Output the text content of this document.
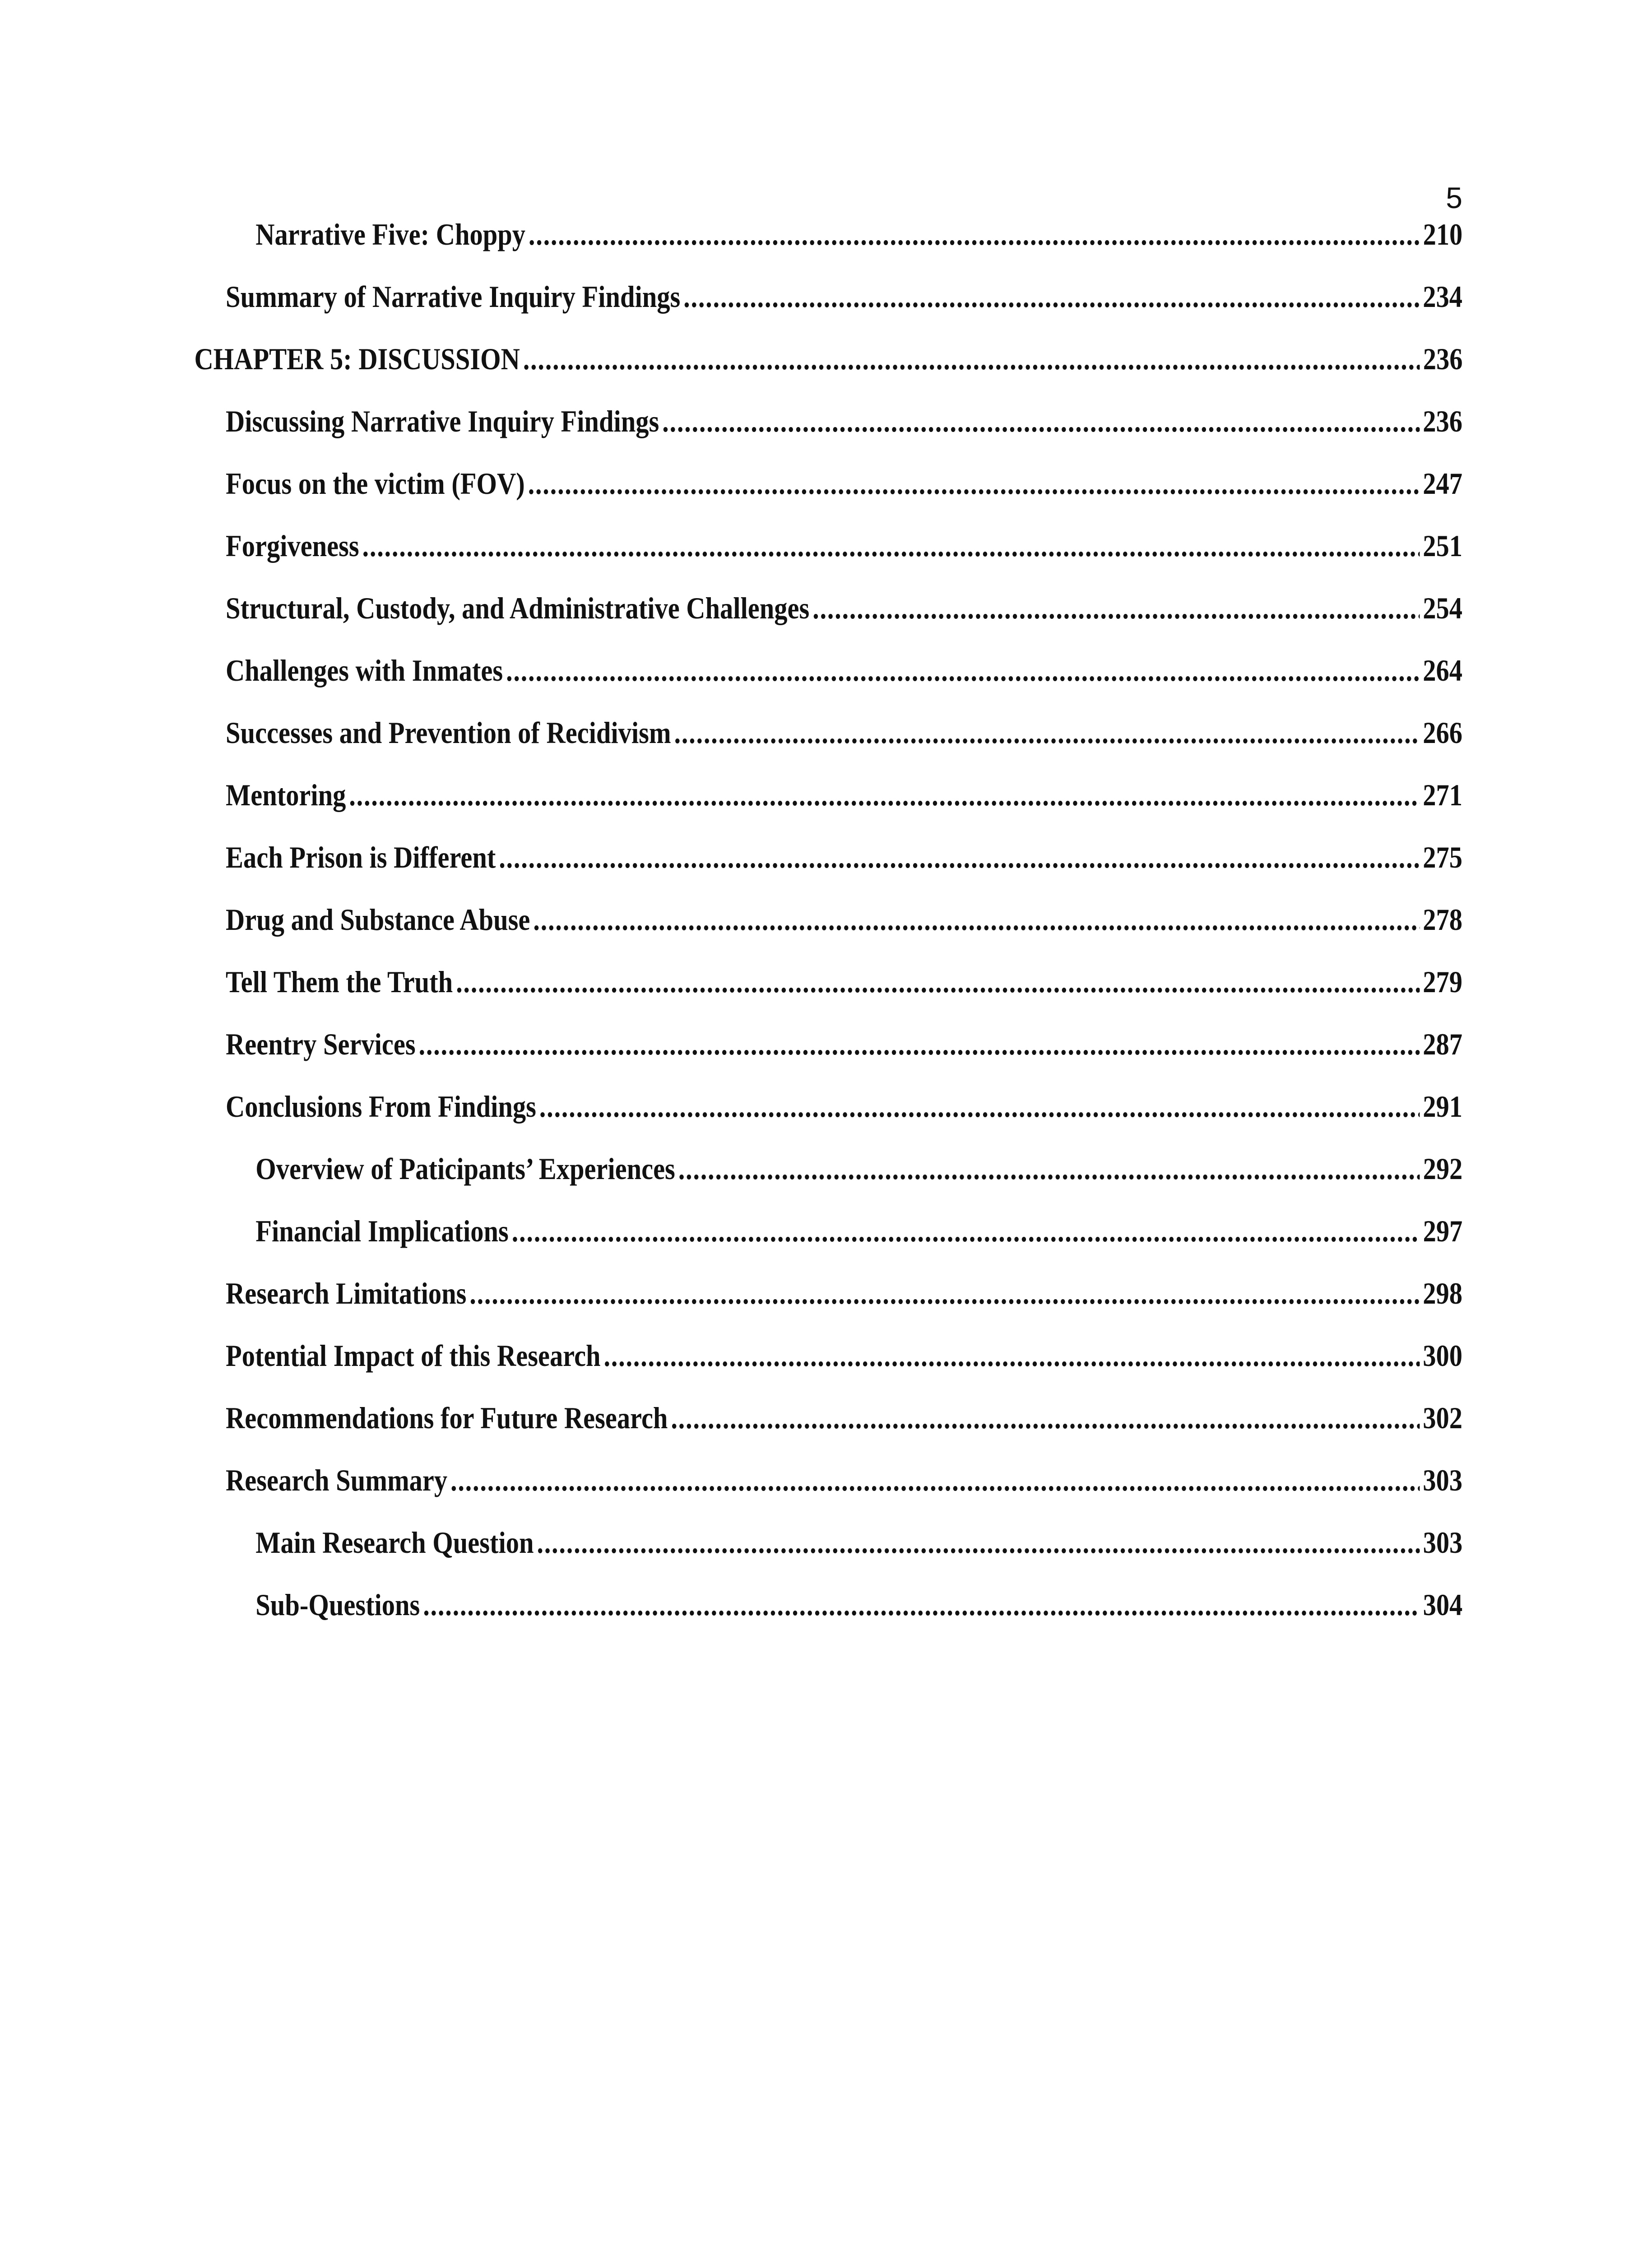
5
Narrative Five: Choppy .....	210
Summary of Narrative Inquiry Findings .....	234
CHAPTER 5: DISCUSSION .....	236
Discussing Narrative Inquiry Findings .....	236
Focus on the victim (FOV) .....	247
Forgiveness .....	251
Structural, Custody, and Administrative Challenges .....	254
Challenges with Inmates .....	264
Successes and Prevention of Recidivism .....	266
Mentoring .....	271
Each Prison is Different .....	275
Drug and Substance Abuse .....	278
Tell Them the Truth .....	279
Reentry Services .....	287
Conclusions From Findings .....	291
Overview of Paticipants’ Experiences .....	292
Financial Implications .....	297
Research Limitations .....	298
Potential Impact of this Research .....	300
Recommendations for Future Research .....	302
Research Summary .....	303
Main Research Question .....	303
Sub-Questions .....	304
